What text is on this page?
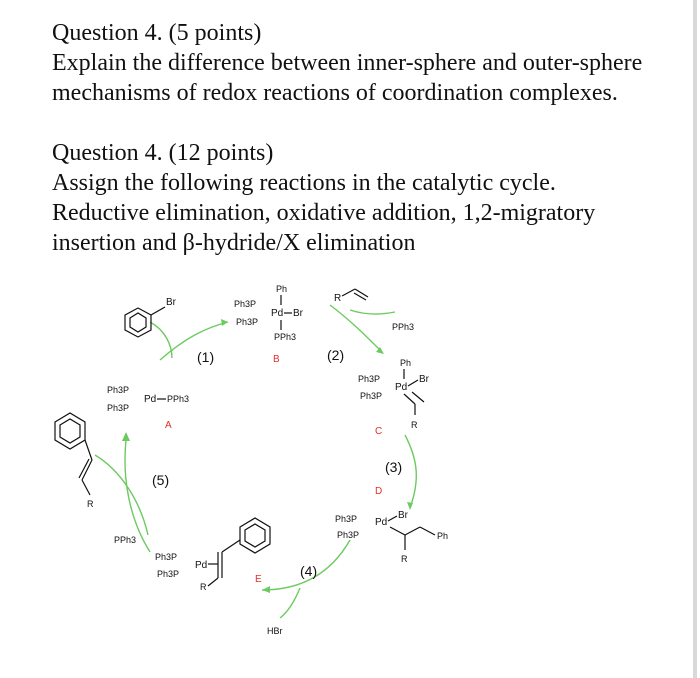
Question 4. (5 points)
Explain the difference between inner-sphere and outer-sphere
mechanisms of redox reactions of coordination complexes.
Question 4. (12 points)
Assign the following reactions in the catalytic cycle.
Reductive elimination, oxidative addition, 1,2-migratory
insertion and β-hydride/X elimination
(1)	(2)
(3)
(4)
(5)
A
B
C
D
E
Br	R
PPh3
Ph3P
Pd PPh3
Ph3P
Ph
Ph3P
Pd Br
Ph3P
PPh3
Ph
Ph3P
Pd
Br
Ph3P
R
Ph3P Pd
Br
Ph3P	Ph
R
Ph3P
Pd
Ph3P
R
HBr
PPh3
R
